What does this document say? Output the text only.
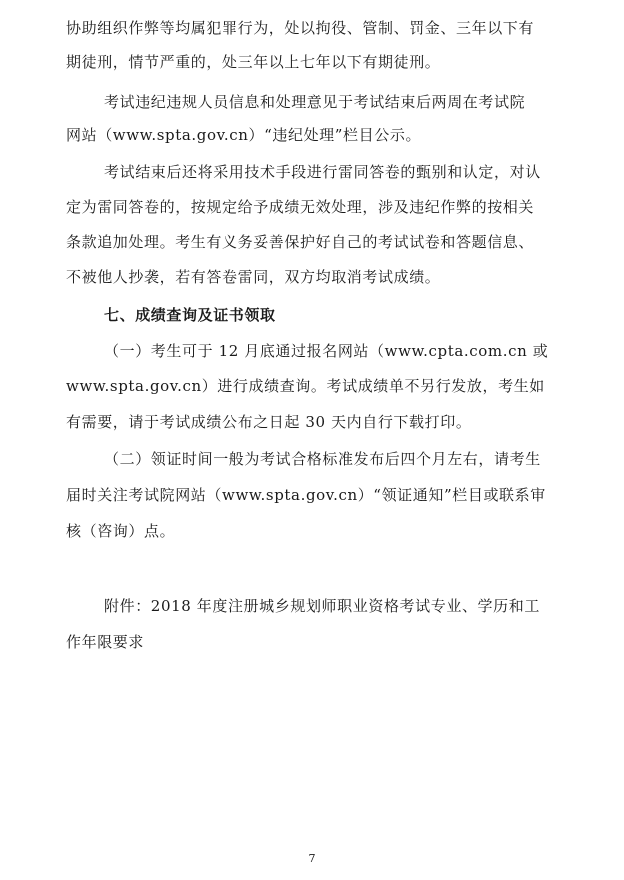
协助组织作弊等均属犯罪行为，处以拘役、管制、罚金、三年以下有
期徒刑，情节严重的，处三年以上七年以下有期徒刑。
考试违纪违规人员信息和处理意见于考试结束后两周在考试院
网站（www.spta.gov.cn）“违纪处理”栏目公示。
考试结束后还将采用技术手段进行雷同答卷的甄别和认定，对认
定为雷同答卷的，按规定给予成绩无效处理，涉及违纪作弊的按相关
条款追加处理。考生有义务妥善保护好自己的考试试卷和答题信息、
不被他人抄袭，若有答卷雷同，双方均取消考试成绩。
七、成绩查询及证书领取
（一）考生可于 12 月底通过报名网站（www.cpta.com.cn 或
www.spta.gov.cn）进行成绩查询。考试成绩单不另行发放，考生如
有需要，请于考试成绩公布之日起 30 天内自行下载打印。
（二）领证时间一般为考试合格标准发布后四个月左右，请考生
届时关注考试院网站（www.spta.gov.cn）“领证通知”栏目或联系审
核（咨询）点。
附件：2018 年度注册城乡规划师职业资格考试专业、学历和工
作年限要求
7
